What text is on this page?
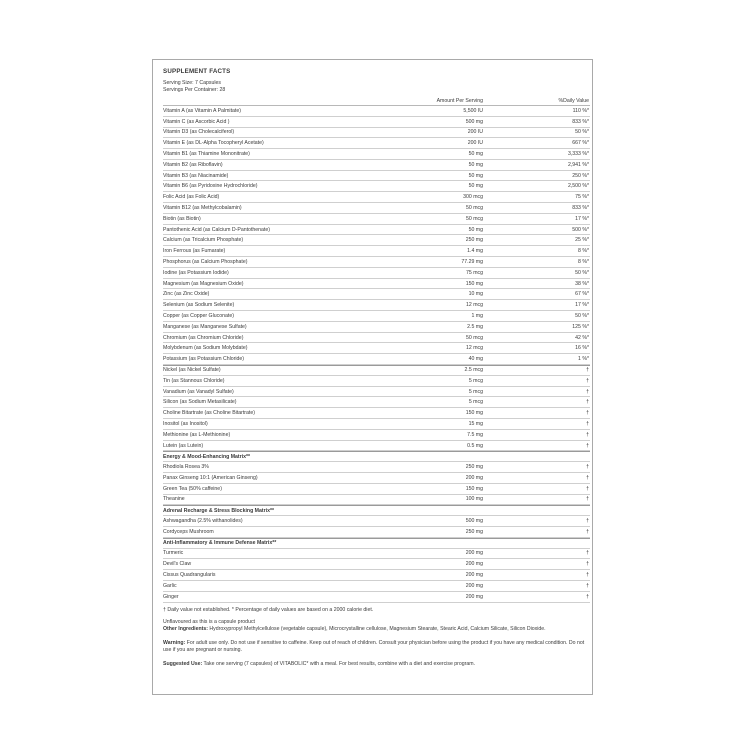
SUPPLEMENT FACTS
Serving Size: 7 Capsules
Servings Per Container: 28
Amount Per Serving	%Daily Value
Vitamin A (as Vitamin A Palmitate)	5,500 IU	110 %*
Vitamin C (as Ascorbic Acid )	500 mg	833 %*
Vitamin D3 (as Cholecalciferol)	200 IU	50 %*
Vitamin E (as DL-Alpha Tocopheryl Acetate)	200 IU	667 %*
Vitamin B1 (as Thiamine Mononitrate)	50 mg	3,333 %*
Vitamin B2 (as Riboflavin)	50 mg	2,941 %*
Vitamin B3 (as Niacinamide)	50 mg	250 %*
Vitamin B6 (as Pyridoxine Hydrochloride)	50 mg	2,500 %*
Folic Acid (as Folic Acid)	300 mcg	75 %*
Vitamin B12 (as Methylcobalamin)	50 mcg	833 %*
Biotin (as Biotin)	50 mcg	17 %*
Pantothenic Acid (as Calcium D-Pantothenate)	50 mg	500 %*
Calcium (as Tricalcium Phosphate)	250 mg	25 %*
Iron Ferrous (as Fumarate)	1.4 mg	8 %*
Phosphorus (as Calcium Phosphate)	77.29 mg	8 %*
Iodine (as Potassium Iodide)	75 mcg	50 %*
Magnesium (as Magnesium Oxide)	150 mg	38 %*
Zinc (as Zinc Oxide)	10 mg	67 %*
Selenium (as Sodium Selenite)	12 mcg	17 %*
Copper (as Copper Gluconate)	1 mg	50 %*
Manganese (as Manganese Sulfate)	2.5 mg	125 %*
Chromium (as Chromium Chloride)	50 mcg	42 %*
Molybdenum (as Sodium Molybdate)	12 mcg	16 %*
Potassium (as Potassium Chloride)	40 mg	1 %*
Nickel (as Nickel Sulfate)	2.5 mcg	†
Tin (as Stannous Chloride)	5 mcg	†
Vanadium (as Vanadyl Sulfate)	5 mcg	†
Silicon (as Sodium Metasilicate)	5 mcg	†
Choline Bitartrate (as Choline Bitartrate)	150 mg	†
Inositol (as Inositol)	15 mg	†
Methionine (as L-Methionine)	7.5 mg	†
Lutein (as Lutein)	0.5 mg	†
Energy & Mood-Enhancing Matrix**
Rhodiola Rosea 3%	250 mg	†
Panax Ginseng 10:1 (American Ginseng)	200 mg	†
Green Tea (50% caffeine)	150 mg	†
Theanine	100 mg	†
Adrenal Recharge & Stress Blocking Matrix**
Ashwagandha (2.5% withanolides)	500 mg	†
Cordyceps Mushroom	250 mg	†
Anti-Inflammatory & Immune Defense Matrix**
Turmeric	200 mg	†
Devil's Claw	200 mg	†
Cissus Quadrangularis	200 mg	†
Garlic	200 mg	†
Ginger	200 mg	†
† Daily value not established. * Percentage of daily values are based on a 2000 calorie diet.
Unflavoured as this is a capsule product
Other Ingredients: Hydroxypropyl Methylcellulose (vegetable capsule), Microcrystalline cellulose, Magnesium Stearate, Stearic Acid, Calcium Silicate, Silicon Dioxide.
Warning: For adult use only. Do not use if sensitive to caffeine. Keep out of reach of children. Consult your physician before using the product if you have any medical condition. Do not use if you are pregnant or nursing.
Suggested Use: Take one serving (7 capsules) of VITABOLIC* with a meal. For best results, combine with a diet and exercise program.
